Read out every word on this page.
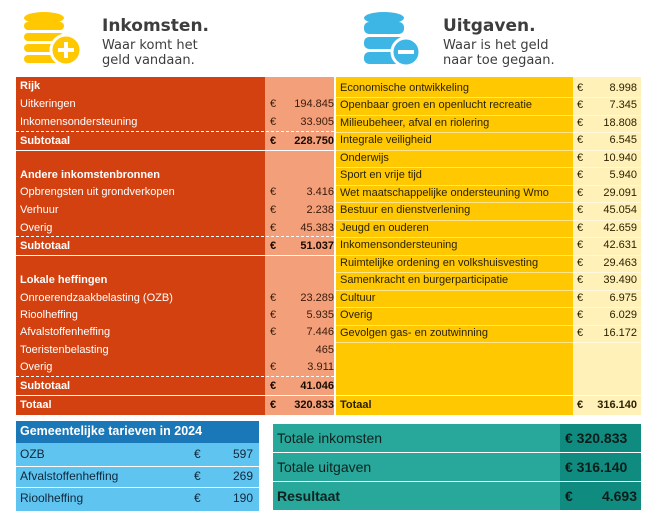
Inkomsten.
Waar komt het
geld vandaan.
Uitgaven.
Waar is het geld
naar toe gegaan.
Rijk
Uitkeringen	€ 194.845
Inkomensondersteuning	€ 33.905
Subtotaal	€ 228.750
Andere inkomstenbronnen
Opbrengsten uit grondverkopen	€	3.416
Verhuur	€	2.238
Overig	€ 45.383
Subtotaal	€ 51.037
Lokale heffingen
Onroerendzaakbelasting (OZB)	€ 23.289
Rioolheffing	€	5.935
Afvalstoffenheffing	€	7.446
Toeristenbelasting	465
Overig	€	3.911
Subtotaal	€ 41.046
Totaal	€ 320.833
Economische ontwikkeling	€ 8.998
Openbaar groen en openlucht recreatie	€ 7.345
Milieubeheer, afval en riolering	€ 18.808
Integrale veiligheid	€ 6.545
Onderwijs	€ 10.940
Sport en vrije tijd	€ 5.940
Wet maatschappelijke ondersteuning Wmo	€ 29.091
Bestuur en dienstverlening	€ 45.054
Jeugd en ouderen	€ 42.659
Inkomensondersteuning	€ 42.631
Ruimtelijke ordening en volkshuisvesting	€ 29.463
Samenkracht en burgerparticipatie	€ 39.490
Cultuur	€ 6.975
Overig	€ 6.029
Gevolgen gas- en zoutwinning	€ 16.172
Totaal	€ 316.140
Gemeentelijke tarieven in 2024
OZB	€	597
Afvalstoffenheffing	€	269
Rioolheffing	€	190
Totale inkomsten	€ 320.833
Totale uitgaven	€ 316.140
Resultaat	€ 4.693
